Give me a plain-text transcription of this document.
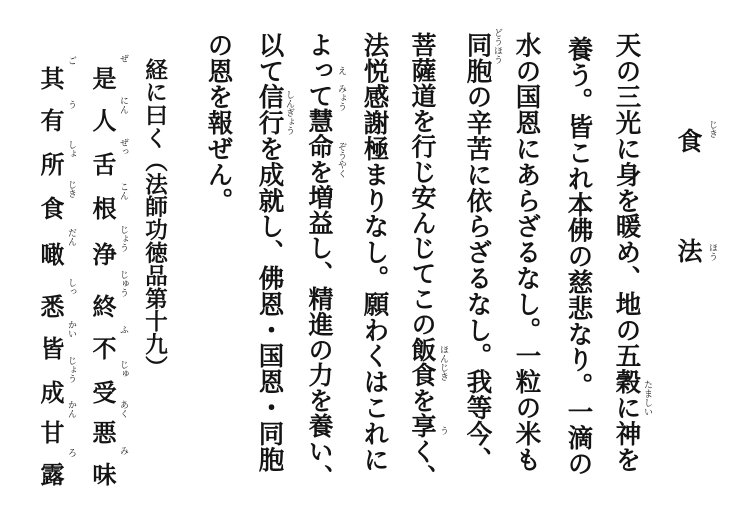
食 じき
法 ほう
天の三光に身を暖め、地の五穀に神を
養う。皆これ本佛の慈悲なり。一滴の
水の国恩にあらざるなし。一粒の米も
同胞の辛苦に依らざるなし。我等今、
菩薩道を行じ安んじてこの飯食を享く、
法悦感謝極まりなし。願わくはこれに
よって慧命を増益し、精進の力を養い、
以て信行を成就し、佛恩・国恩・同胞
の恩を報ぜん。
たましい
どうほう
ほんじき
う
え　みょう
ぞうやく
しんぎょう
経に曰く（法師功徳品第十九）
ぜ
是
にん
人
ぜっ
舌
こん
根
じょう
浄
じゅう
終
ふ
不
じゅ
受
あく
悪
み
味
ご
其
う
有
しょ
所
じき
食
だん
噉
しっ
悉
かい
皆
じょう
成
かん
甘
ろ
露
